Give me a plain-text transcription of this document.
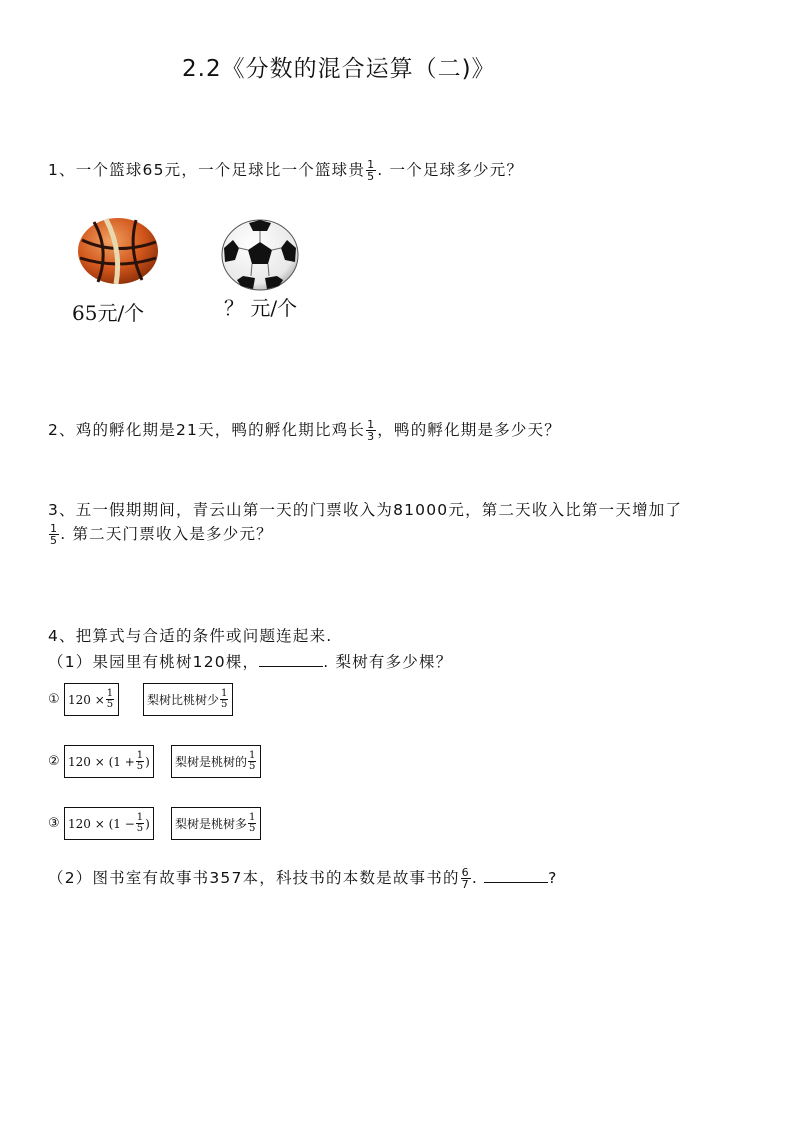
2.2《分数的混合运算（二)》
1、一个篮球65元，一个足球比一个篮球贵 $\frac{1}{5}$ . 一个足球多少元？
65元/个	？ 元/个
2、鸡的孵化期是21天，鸭的孵化期比鸡长 $\frac{1}{3}$ ，鸭的孵化期是多少天？
3、五一假期期间，青云山第一天的门票收入为81000元，第二天收入比第一天增加了
$\frac{1}{5}$ . 第二天门票收入是多少元？
4、把算式与合适的条件或问题连起来.
（1）果园里有桃树120棵，	. 梨树有多少棵？
① $120 \times \frac{1}{5}$	梨树比桃树少 $\frac{1}{5}$
② $120 \times (1 + \frac{1}{5}$ ) 梨树是桃树的 $\frac{1}{5}$
③ $120 \times (1 - \frac{1}{5}$ ) 梨树是桃树多 $\frac{1}{5}$
（2）图书室有故事书357本，科技书的本数是故事书的 $\frac{6}{7}$ .	?
